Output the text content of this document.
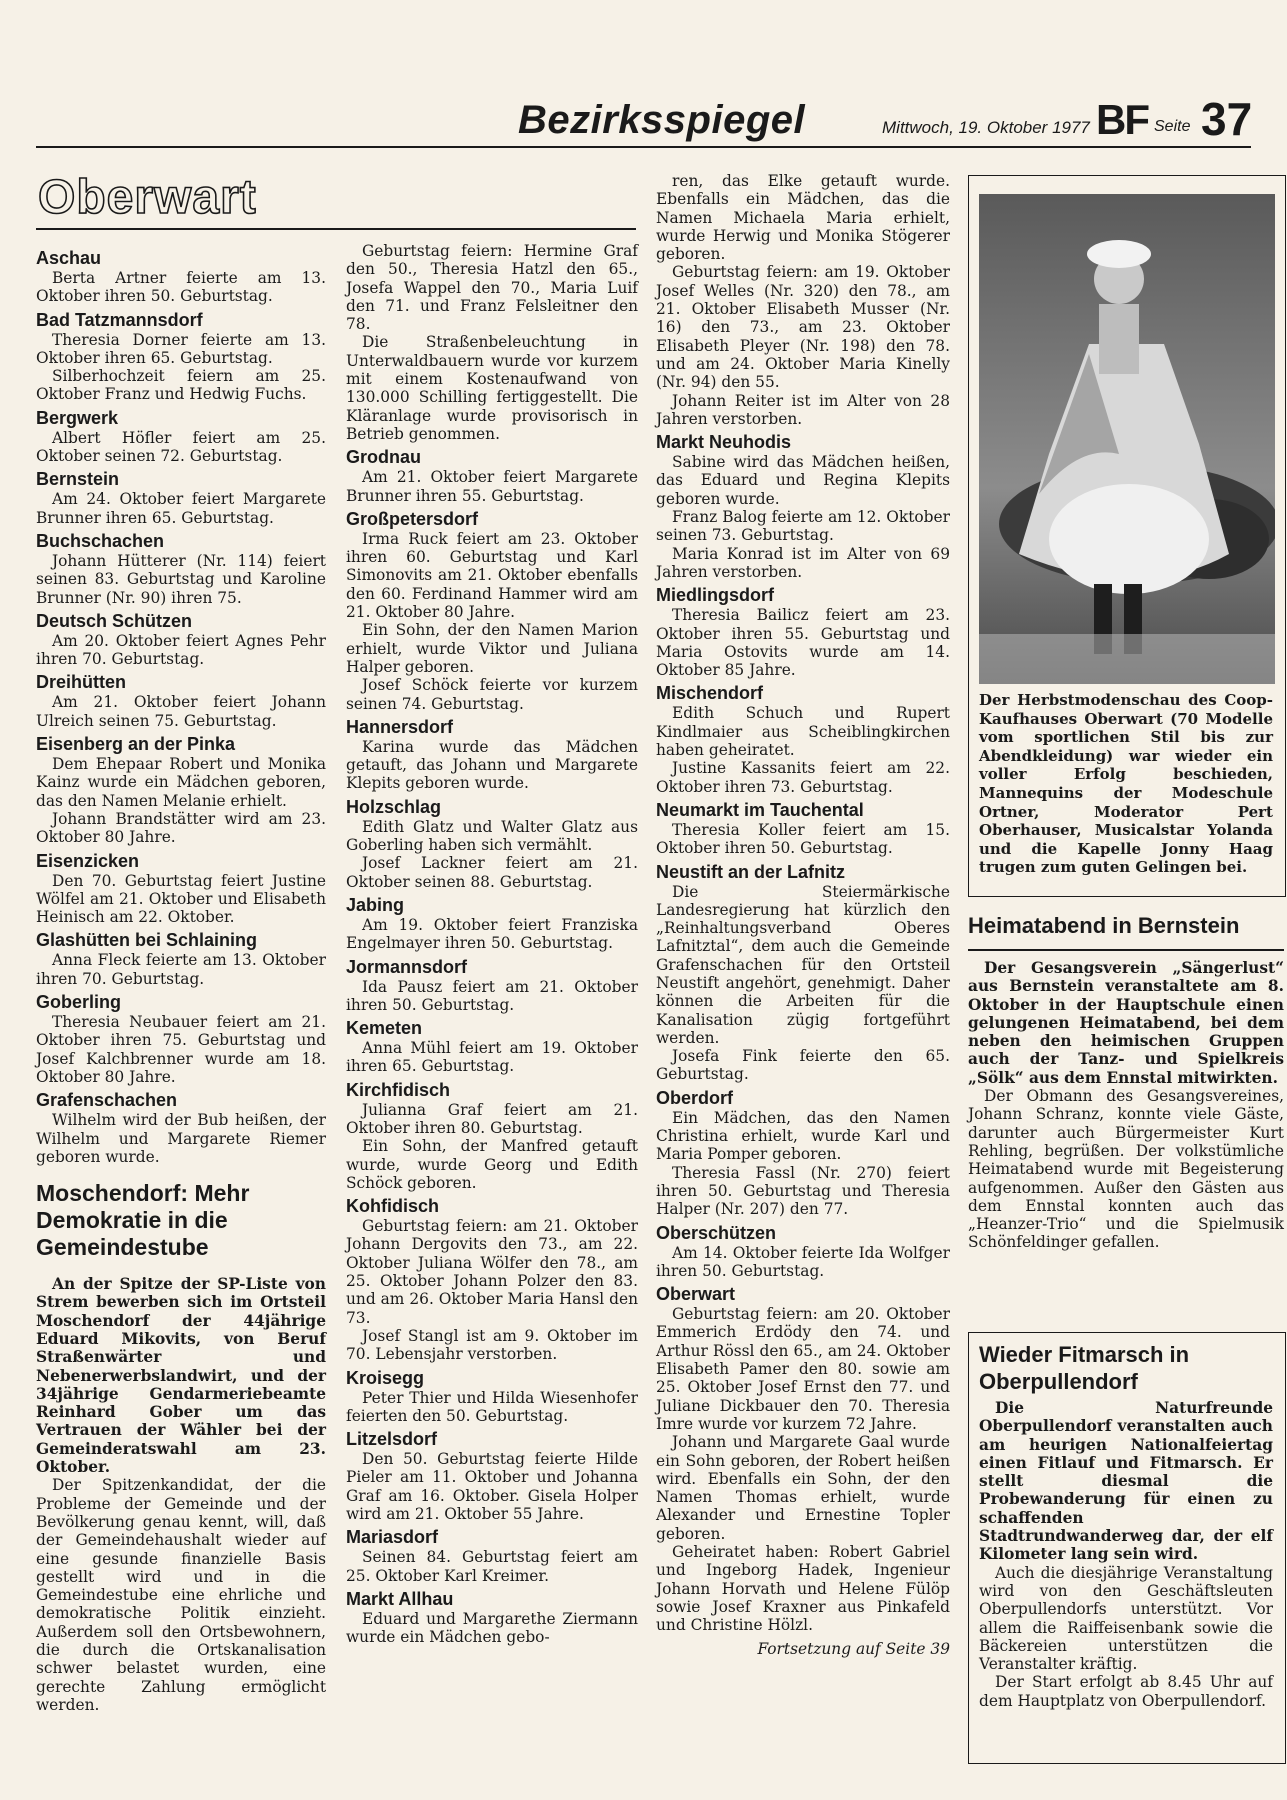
Bezirksspiegel	Mittwoch, 19. Oktober 1977 BF Seite 37
Oberwart
Aschau

Berta Artner feierte am 13. Oktober ihren 50. Geburtstag.

Bad Tatzmannsdorf

Theresia Dorner feierte am 13. Oktober ihren 65. Geburtstag.

Silberhochzeit feiern am 25. Oktober Franz und Hedwig Fuchs.

Bergwerk

Albert Höfler feiert am 25. Oktober seinen 72. Geburtstag.

Bernstein

Am 24. Oktober feiert Margarete Brunner ihren 65. Geburtstag.

Buchschachen

Johann Hütterer (Nr. 114) feiert seinen 83. Geburtstag und Karoline Brunner (Nr. 90) ihren 75.

Deutsch Schützen

Am 20. Oktober feiert Agnes Pehr ihren 70. Geburtstag.

Dreihütten

Am 21. Oktober feiert Johann Ulreich seinen 75. Geburtstag.

Eisenberg an der Pinka

Dem Ehepaar Robert und Monika Kainz wurde ein Mädchen geboren, das den Namen Melanie erhielt.

Johann Brandstätter wird am 23. Oktober 80 Jahre.

Eisenzicken

Den 70. Geburtstag feiert Justine Wölfel am 21. Oktober und Elisabeth Heinisch am 22. Oktober.

Glashütten bei Schlaining

Anna Fleck feierte am 13. Oktober ihren 70. Geburtstag.

Goberling

Theresia Neubauer feiert am 21. Oktober ihren 75. Geburtstag und Josef Kalchbrenner wurde am 18. Oktober 80 Jahre.

Grafenschachen

Wilhelm wird der Bub heißen, der Wilhelm und Margarete Riemer geboren wurde.

Moschendorf: Mehr Demokratie in die Gemeindestube

An der Spitze der SP-Liste von Strem bewerben sich im Ortsteil Moschendorf der 44jährige Eduard Mikovits, von Beruf Straßenwärter und Nebenerwerbslandwirt, und der 34jährige Gendarmeriebeamte Reinhard Gober um das Vertrauen der Wähler bei der Gemeinderatswahl am 23. Oktober.

Der Spitzenkandidat, der die Probleme der Gemeinde und der Bevölkerung genau kennt, will, daß der Gemeindehaushalt wieder auf eine gesunde finanzielle Basis gestellt wird und in die Gemeindestube eine ehrliche und demokratische Politik einzieht. Außerdem soll den Ortsbewohnern, die durch die Ortskanalisation schwer belastet wurden, eine gerechte Zahlung ermöglicht werden.

Geburtstag feiern: Hermine Graf den 50., Theresia Hatzl den 65., Josefa Wappel den 70., Maria Luif den 71. und Franz Felsleitner den 78.

Die Straßenbeleuchtung in Unterwaldbauern wurde vor kurzem mit einem Kostenaufwand von 130.000 Schilling fertiggestellt. Die Kläranlage wurde provisorisch in Betrieb genommen.

Grodnau

Am 21. Oktober feiert Margarete Brunner ihren 55. Geburtstag.

Großpetersdorf

Irma Ruck feiert am 23. Oktober ihren 60. Geburtstag und Karl Simonovits am 21. Oktober ebenfalls den 60. Ferdinand Hammer wird am 21. Oktober 80 Jahre.

Ein Sohn, der den Namen Marion erhielt, wurde Viktor und Juliana Halper geboren.

Josef Schöck feierte vor kurzem seinen 74. Geburtstag.

Hannersdorf

Karina wurde das Mädchen getauft, das Johann und Margarete Klepits geboren wurde.

Holzschlag

Edith Glatz und Walter Glatz aus Goberling haben sich vermählt.

Josef Lackner feiert am 21. Oktober seinen 88. Geburtstag.

Jabing

Am 19. Oktober feiert Franziska Engelmayer ihren 50. Geburtstag.

Jormannsdorf

Ida Pausz feiert am 21. Oktober ihren 50. Geburtstag.

Kemeten

Anna Mühl feiert am 19. Oktober ihren 65. Geburtstag.

Kirchfidisch

Julianna Graf feiert am 21. Oktober ihren 80. Geburtstag.

Ein Sohn, der Manfred getauft wurde, wurde Georg und Edith Schöck geboren.

Kohfidisch

Geburtstag feiern: am 21. Oktober Johann Dergovits den 73., am 22. Oktober Juliana Wölfer den 78., am 25. Oktober Johann Polzer den 83. und am 26. Oktober Maria Hansl den 73.

Josef Stangl ist am 9. Oktober im 70. Lebensjahr verstorben.

Kroisegg

Peter Thier und Hilda Wiesenhofer feierten den 50. Geburtstag.

Litzelsdorf

Den 50. Geburtstag feierte Hilde Pieler am 11. Oktober und Johanna Graf am 16. Oktober. Gisela Holper wird am 21. Oktober 55 Jahre.

Mariasdorf

Seinen 84. Geburtstag feiert am 25. Oktober Karl Kreimer.

Markt Allhau

Eduard und Margarethe Ziermann wurde ein Mädchen gebo-

ren, das Elke getauft wurde. Ebenfalls ein Mädchen, das die Namen Michaela Maria erhielt, wurde Herwig und Monika Stögerer geboren.

Geburtstag feiern: am 19. Oktober Josef Welles (Nr. 320) den 78., am 21. Oktober Elisabeth Musser (Nr. 16) den 73., am 23. Oktober Elisabeth Pleyer (Nr. 198) den 78. und am 24. Oktober Maria Kinelly (Nr. 94) den 55.

Johann Reiter ist im Alter von 28 Jahren verstorben.

Markt Neuhodis

Sabine wird das Mädchen heißen, das Eduard und Regina Klepits geboren wurde.

Franz Balog feierte am 12. Oktober seinen 73. Geburtstag.

Maria Konrad ist im Alter von 69 Jahren verstorben.

Miedlingsdorf

Theresia Bailicz feiert am 23. Oktober ihren 55. Geburtstag und Maria Ostovits wurde am 14. Oktober 85 Jahre.

Mischendorf

Edith Schuch und Rupert Kindlmaier aus Scheiblingkirchen haben geheiratet.

Justine Kassanits feiert am 22. Oktober ihren 73. Geburtstag.

Neumarkt im Tauchental

Theresia Koller feiert am 15. Oktober ihren 50. Geburtstag.

Neustift an der Lafnitz

Die Steiermärkische Landesregierung hat kürzlich den „Reinhaltungsverband Oberes Lafnitztal“, dem auch die Gemeinde Grafenschachen für den Ortsteil Neustift angehört, genehmigt. Daher können die Arbeiten für die Kanalisation zügig fortgeführt werden.

Josefa Fink feierte den 65. Geburtstag.

Oberdorf

Ein Mädchen, das den Namen Christina erhielt, wurde Karl und Maria Pomper geboren.

Theresia Fassl (Nr. 270) feiert ihren 50. Geburtstag und Theresia Halper (Nr. 207) den 77.

Oberschützen

Am 14. Oktober feierte Ida Wolfger ihren 50. Geburtstag.

Oberwart

Geburtstag feiern: am 20. Oktober Emmerich Erdödy den 74. und Arthur Rössl den 65., am 24. Oktober Elisabeth Pamer den 80. sowie am 25. Oktober Josef Ernst den 77. und Juliane Dickbauer den 70. Theresia Imre wurde vor kurzem 72 Jahre.

Johann und Margarete Gaal wurde ein Sohn geboren, der Robert heißen wird. Ebenfalls ein Sohn, der den Namen Thomas erhielt, wurde Alexander und Ernestine Topler geboren.

Geheiratet haben: Robert Gabriel und Ingeborg Hadek, Ingenieur Johann Horvath und Helene Fülöp sowie Josef Kraxner aus Pinkafeld und Christine Hölzl.

Fortsetzung auf Seite 39

Der Herbstmodenschau des Coop-Kaufhauses Oberwart (70 Modelle vom sportlichen Stil bis zur Abendkleidung) war wieder ein voller Erfolg beschieden, Mannequins der Modeschule Ortner, Moderator Pert Oberhauser, Musicalstar Yolanda und die Kapelle Jonny Haag trugen zum guten Gelingen bei.
Heimatabend in Bernstein

Der Gesangsverein „Sängerlust“ aus Bernstein veranstaltete am 8. Oktober in der Hauptschule einen gelungenen Heimatabend, bei dem neben den heimischen Gruppen auch der Tanz- und Spielkreis „Sölk“ aus dem Ennstal mitwirkten.

Der Obmann des Gesangsvereines, Johann Schranz, konnte viele Gäste, darunter auch Bürgermeister Kurt Rehling, begrüßen. Der volkstümliche Heimatabend wurde mit Begeisterung aufgenommen. Außer den Gästen aus dem Ennstal konnten auch das „Heanzer-Trio“ und die Spielmusik Schönfeldinger gefallen.

Wieder Fitmarsch in Oberpullendorf

Die Naturfreunde Oberpullendorf veranstalten auch am heurigen Nationalfeiertag einen Fitlauf und Fitmarsch. Er stellt diesmal die Probewanderung für einen zu schaffenden Stadtrundwanderweg dar, der elf Kilometer lang sein wird.

Auch die diesjährige Veranstaltung wird von den Geschäftsleuten Oberpullendorfs unterstützt. Vor allem die Raiffeisenbank sowie die Bäckereien unterstützen die Veranstalter kräftig.

Der Start erfolgt ab 8.45 Uhr auf dem Hauptplatz von Oberpullendorf.
